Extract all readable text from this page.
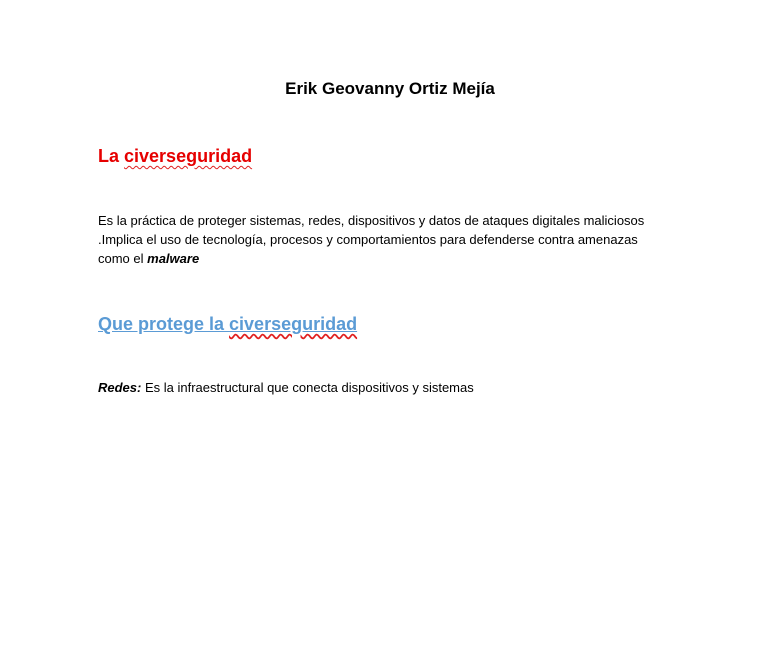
Erik Geovanny Ortiz Mejía

La civerseguridad

Es la práctica de proteger sistemas, redes, dispositivos y datos de ataques digitales maliciosos .Implica el uso de tecnología, procesos y comportamientos para defenderse contra amenazas como el malware

Que protege la civerseguridad

Redes: Es la infraestructural que conecta dispositivos y sistemas
